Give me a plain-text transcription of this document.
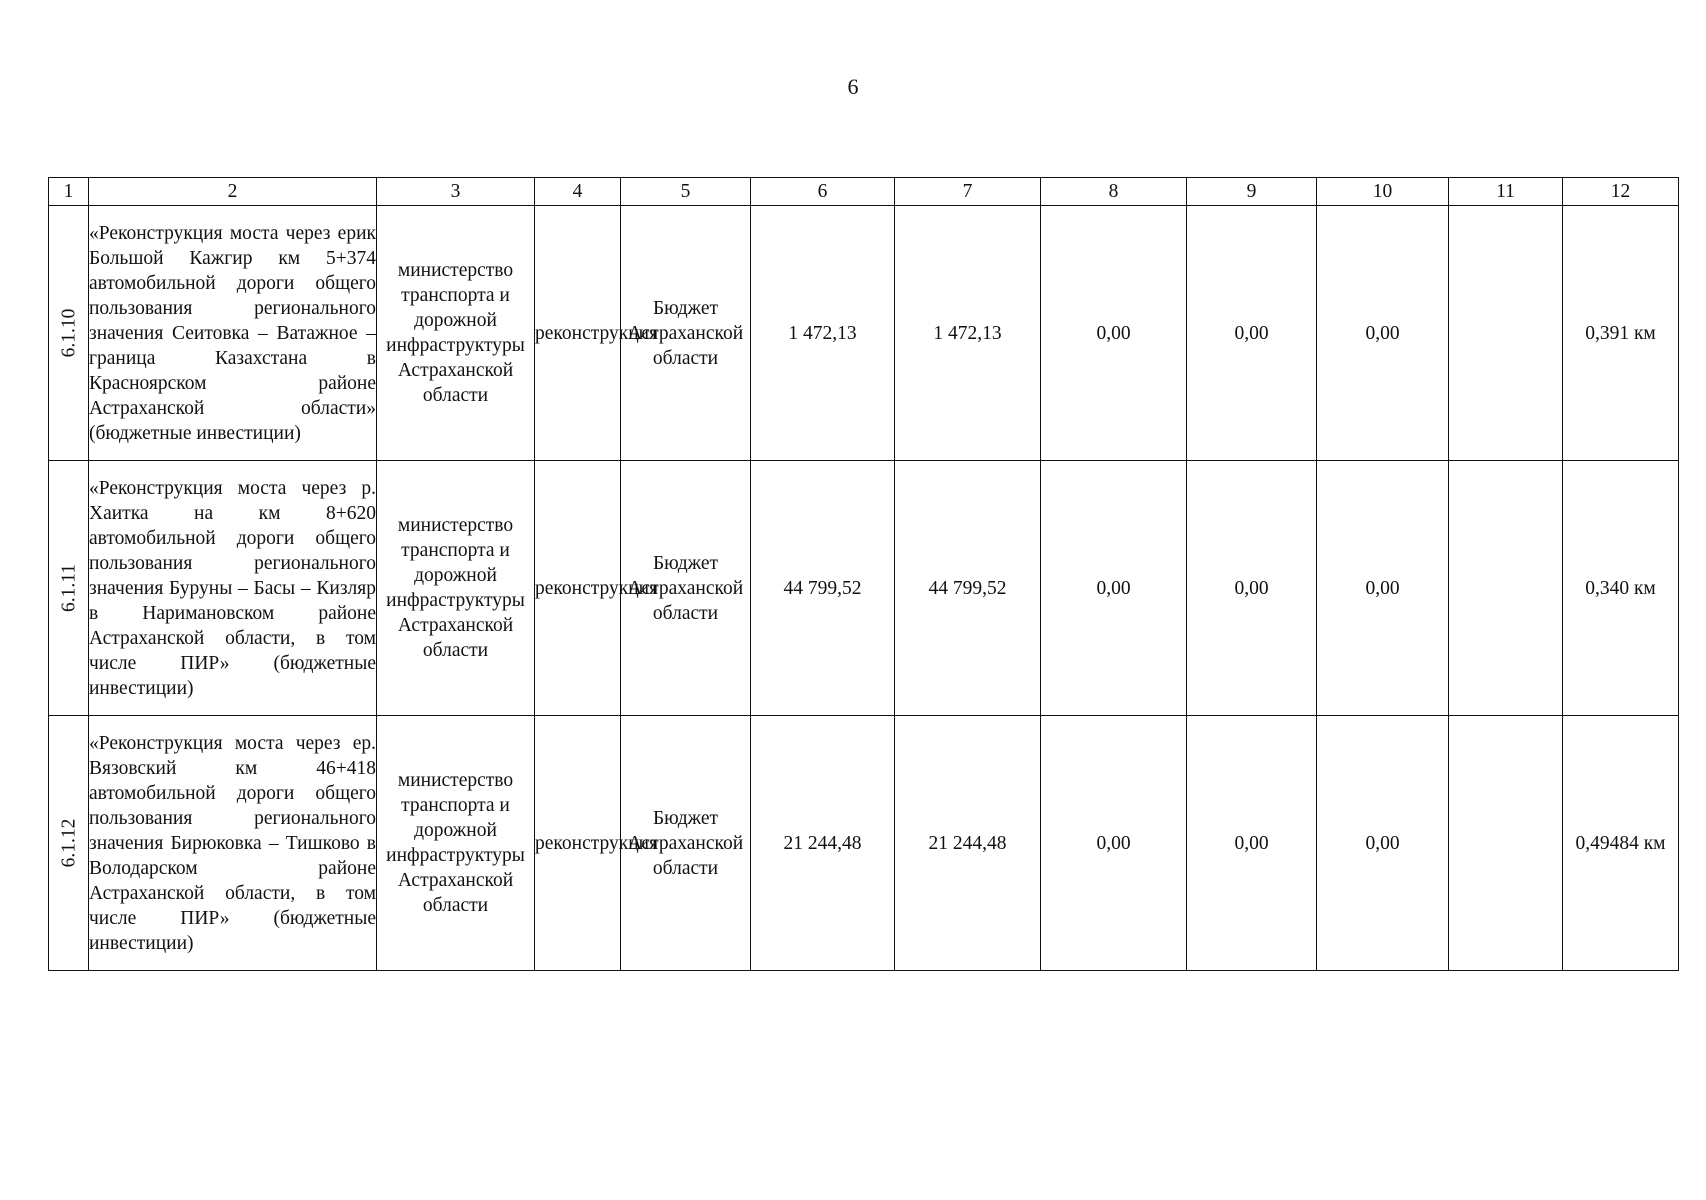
6
1	2	3	4	5	6	7	8	9	10	11	12

6.1.10	«Реконструкция моста через ерик Большой Кажгир км 5+374 автомобильной дороги общего пользования регионального значения Сеитовка – Ватажное – граница Казахстана в Красноярском районе Астраханской области» (бюджетные инвестиции)	министерство транспорта и дорожной инфраструктуры Астраханской области	реконструкция	Бюджет Астраханской области	1 472,13	1 472,13	0,00	0,00	0,00		0,391 км

6.1.11	«Реконструкция моста через р. Хаитка на км 8+620 автомобильной дороги общего пользования регионального значения Буруны – Басы – Кизляр в Наримановском районе Астраханской области, в том числе ПИР» (бюджетные инвестиции)	министерство транспорта и дорожной инфраструктуры Астраханской области	реконструкция	Бюджет Астраханской области	44 799,52	44 799,52	0,00	0,00	0,00		0,340 км

6.1.12	«Реконструкция моста через ер. Вязовский км 46+418 автомобильной дороги общего пользования регионального значения Бирюковка – Тишково в Володарском районе Астраханской области, в том числе ПИР» (бюджетные инвестиции)	министерство транспорта и дорожной инфраструктуры Астраханской области	реконструкция	Бюджет Астраханской области	21 244,48	21 244,48	0,00	0,00	0,00		0,49484 км
